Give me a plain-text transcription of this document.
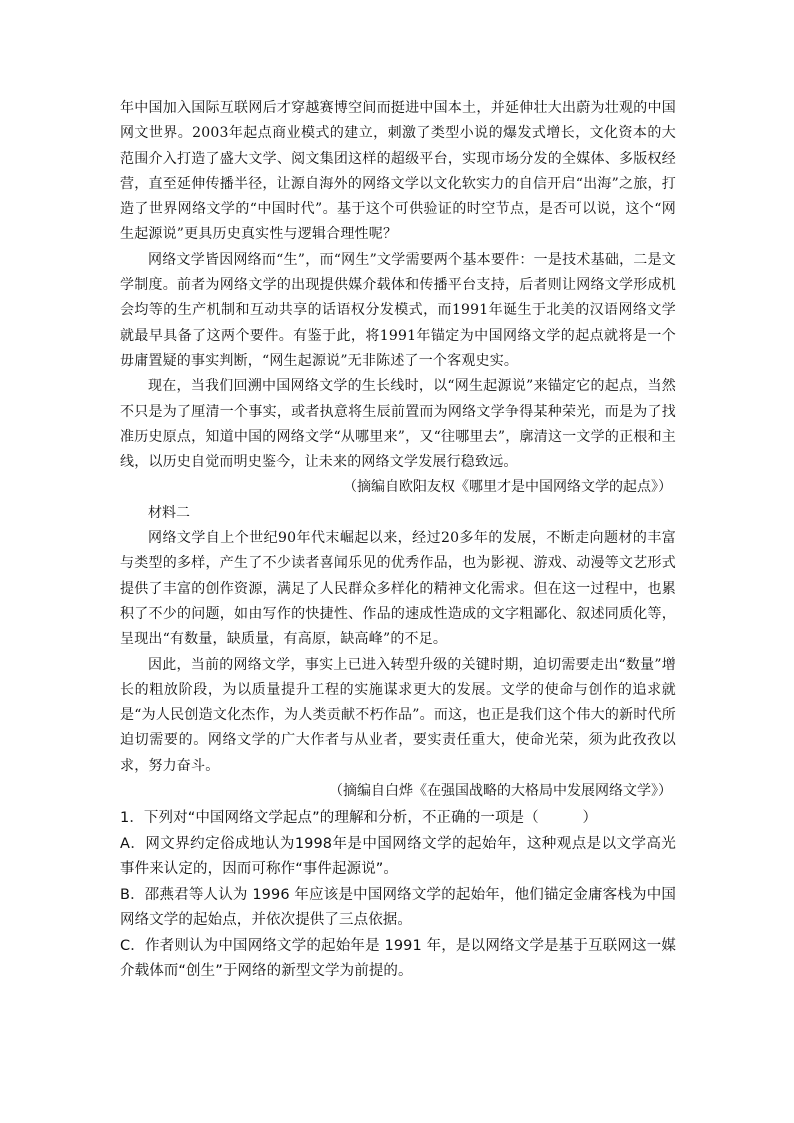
年中国加入国际互联网后才穿越赛博空间而挺进中国本土，并延伸壮大出蔚为壮观的中国网文世界。2003年起点商业模式的建立，刺激了类型小说的爆发式增长，文化资本的大范围介入打造了盛大文学、阅文集团这样的超级平台，实现市场分发的全媒体、多版权经营，直至延伸传播半径，让源自海外的网络文学以文化软实力的自信开启“出海”之旅，打造了世界网络文学的“中国时代”。基于这个可供验证的时空节点，是否可以说，这个“网生起源说”更具历史真实性与逻辑合理性呢？

网络文学皆因网络而“生”，而“网生”文学需要两个基本要件：一是技术基础，二是文学制度。前者为网络文学的出现提供媒介载体和传播平台支持，后者则让网络文学形成机会均等的生产机制和互动共享的话语权分发模式，而1991年诞生于北美的汉语网络文学就最早具备了这两个要件。有鉴于此，将1991年锚定为中国网络文学的起点就将是一个毋庸置疑的事实判断，“网生起源说”无非陈述了一个客观史实。

现在，当我们回溯中国网络文学的生长线时，以“网生起源说”来锚定它的起点，当然不只是为了厘清一个事实，或者执意将生辰前置而为网络文学争得某种荣光，而是为了找准历史原点，知道中国的网络文学“从哪里来”，又“往哪里去”，廓清这一文学的正根和主线，以历史自觉而明史鉴今，让未来的网络文学发展行稳致远。

（摘编自欧阳友权《哪里才是中国网络文学的起点》）

材料二

网络文学自上个世纪90年代末崛起以来，经过20多年的发展，不断走向题材的丰富与类型的多样，产生了不少读者喜闻乐见的优秀作品，也为影视、游戏、动漫等文艺形式提供了丰富的创作资源，满足了人民群众多样化的精神文化需求。但在这一过程中，也累积了不少的问题，如由写作的快捷性、作品的速成性造成的文字粗鄙化、叙述同质化等，呈现出“有数量，缺质量，有高原，缺高峰”的不足。

因此，当前的网络文学，事实上已进入转型升级的关键时期，迫切需要走出“数量”增长的粗放阶段，为以质量提升工程的实施谋求更大的发展。文学的使命与创作的追求就是“为人民创造文化杰作，为人类贡献不朽作品”。而这，也正是我们这个伟大的新时代所迫切需要的。网络文学的广大作者与从业者，要实责任重大，使命光荣，须为此孜孜以求，努力奋斗。

（摘编自白烨《在强国战略的大格局中发展网络文学》）

1．下列对“中国网络文学起点”的理解和分析，不正确的一项是（　　　）

A．网文界约定俗成地认为1998年是中国网络文学的起始年，这种观点是以文学高光事件来认定的，因而可称作“事件起源说”。

B．邵燕君等人认为 1996 年应该是中国网络文学的起始年，他们锚定金庸客栈为中国网络文学的起始点，并依次提供了三点依据。

C．作者则认为中国网络文学的起始年是 1991 年，是以网络文学是基于互联网这一媒介载体而“创生”于网络的新型文学为前提的。
